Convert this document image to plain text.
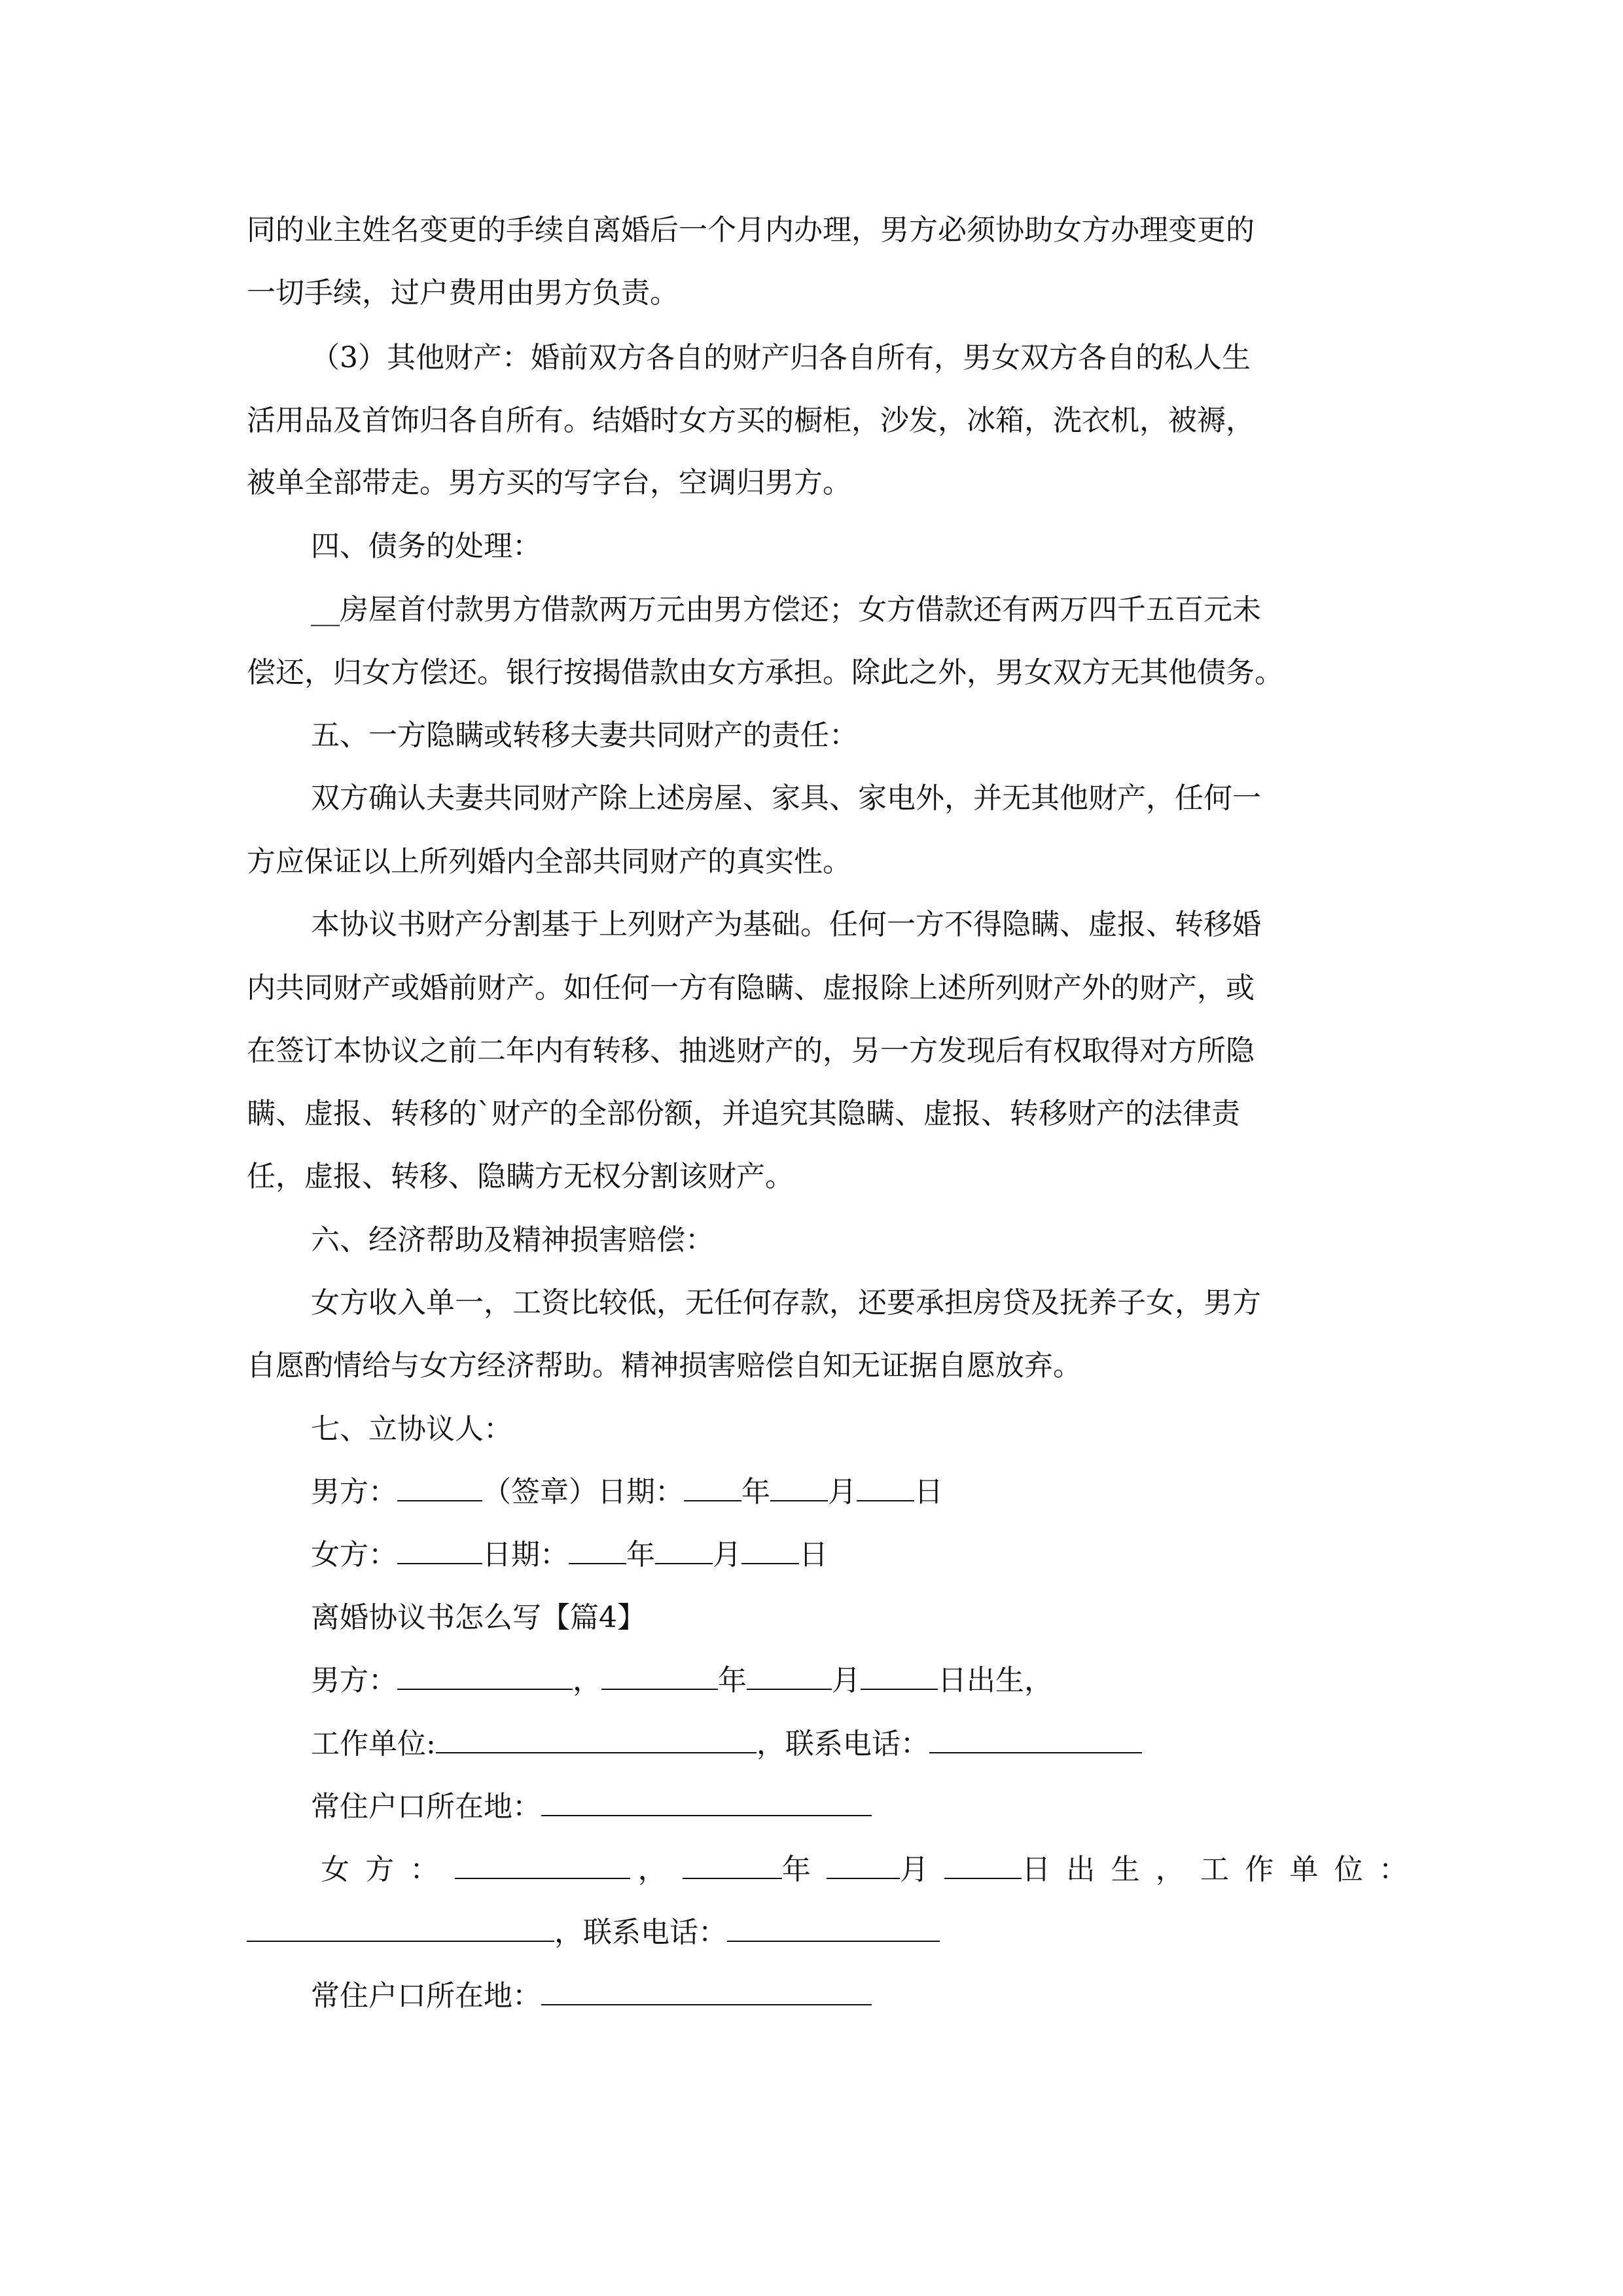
同的业主姓名变更的手续自离婚后一个月内办理，男方必须协助女方办理变更的
一切手续，过户费用由男方负责。
（3）其他财产：婚前双方各自的财产归各自所有，男女双方各自的私人生
活用品及首饰归各自所有。结婚时女方买的橱柜，沙发，冰箱，洗衣机，被褥，
被单全部带走。男方买的写字台，空调归男方。
四、债务的处理：
__房屋首付款男方借款两万元由男方偿还；女方借款还有两万四千五百元未
偿还，归女方偿还。银行按揭借款由女方承担。除此之外，男女双方无其他债务。
五、一方隐瞒或转移夫妻共同财产的责任：
双方确认夫妻共同财产除上述房屋、家具、家电外，并无其他财产，任何一
方应保证以上所列婚内全部共同财产的真实性。
本协议书财产分割基于上列财产为基础。任何一方不得隐瞒、虚报、转移婚
内共同财产或婚前财产。如任何一方有隐瞒、虚报除上述所列财产外的财产，或
在签订本协议之前二年内有转移、抽逃财产的，另一方发现后有权取得对方所隐
瞒、虚报、转移的`财产的全部份额，并追究其隐瞒、虚报、转移财产的法律责
任，虚报、转移、隐瞒方无权分割该财产。
六、经济帮助及精神损害赔偿：
女方收入单一，工资比较低，无任何存款，还要承担房贷及抚养子女，男方
自愿酌情给与女方经济帮助。精神损害赔偿自知无证据自愿放弃。
七、立协议人：
男方：	（签章）日期： 年 月 日
女方：	日期： 年 月 日
离婚协议书怎么写【篇4】
男方：	，	年	月	日出生，
工作单位:	，联系电话：
常住户口所在地：
女方：	，	年	月	日出生，工作单位：
，联系电话：
常住户口所在地：
